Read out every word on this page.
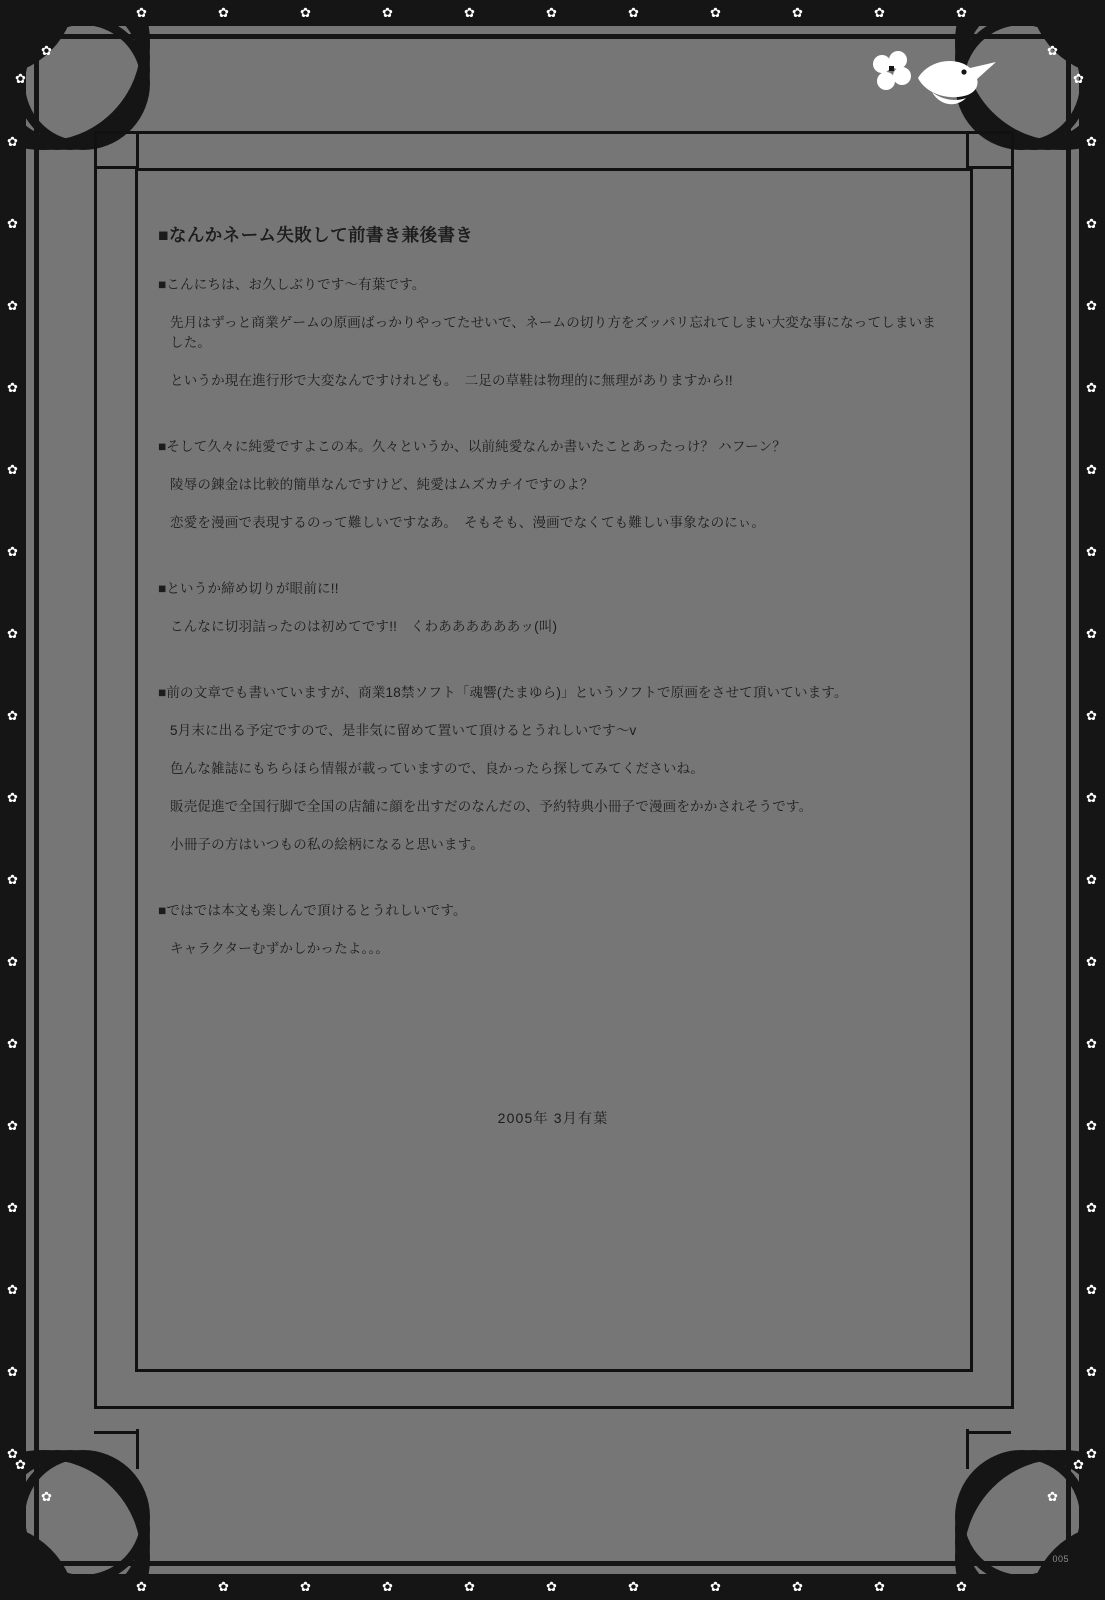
✿
✿
✿
✿
✿
✿
✿
✿
✿
✿
✿
✿
✿
✿
✿
✿
✿
✿
✿
✿
✿
✿
✿	✿
✿	✿
✿	✿
✿	✿
✿	✿
✿	✿
✿	✿
✿	✿
✿	✿
✿	✿
✿	✿
✿	✿
✿	✿
✿	✿
✿	✿
✿	✿
✿	✿
✿	✿
✿	✿
✿	✿
✿	✿
■なんかネーム失敗して前書き兼後書き

■こんにちは、お久しぶりです～有葉です。

先月はずっと商業ゲームの原画ばっかりやってたせいで、ネームの切り方をズッパリ忘れてしまい大変な事になってしまいました。

というか現在進行形で大変なんですけれども。　二足の草鞋は物理的に無理がありますから!!

■そして久々に純愛ですよこの本。久々というか、以前純愛なんか書いたことあったっけ？ ハフーン？

陵辱の錬金は比較的簡単なんですけど、純愛はムズカチイですのよ？

恋愛を漫画で表現するのって難しいですなあ。　そもそも、漫画でなくても難しい事象なのにぃ。

■というか締め切りが眼前に!!

こんなに切羽詰ったのは初めてです!!　くわああああああッ(叫)

■前の文章でも書いていますが、商業18禁ソフト「魂響(たまゆら)」というソフトで原画をさせて頂いています。

5月末に出る予定ですので、是非気に留めて置いて頂けるとうれしいです～v

色んな雑誌にもちらほら情報が載っていますので、良かったら探してみてくださいね。

販売促進で全国行脚で全国の店舗に顔を出すだのなんだの、予約特典小冊子で漫画をかかされそうです。

小冊子の方はいつもの私の絵柄になると思います。

■ではでは本文も楽しんで頂けるとうれしいです。

キャラクターむずかしかったよ。。。

2005年 3月有葉
005
